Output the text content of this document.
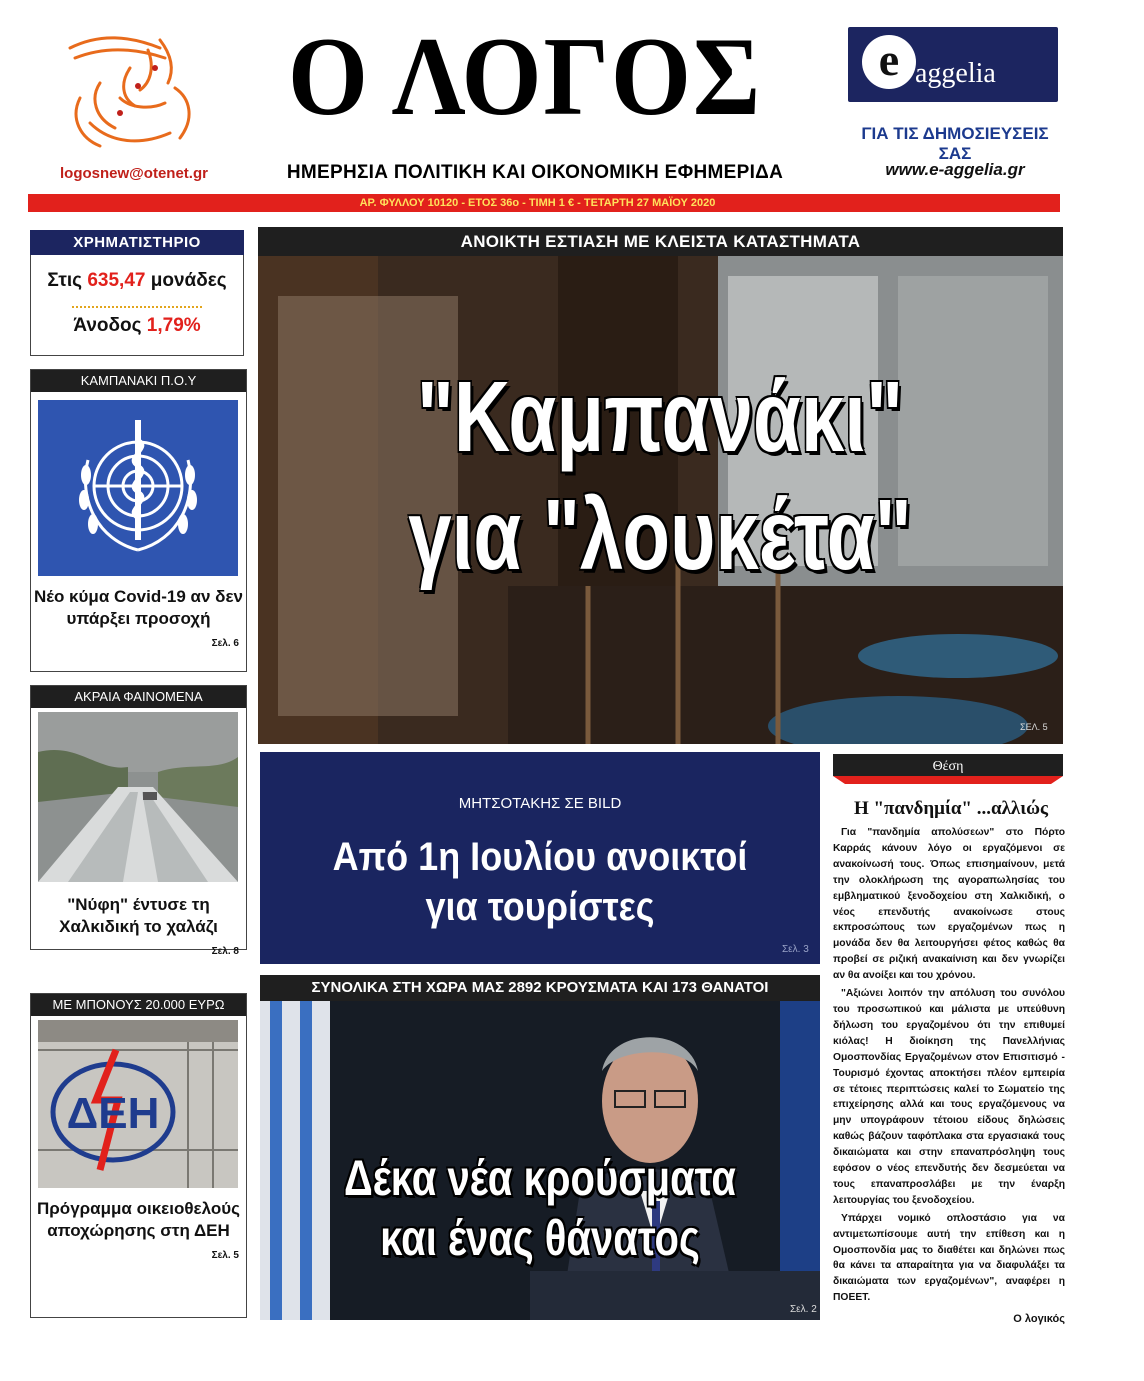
logosnew@otenet.gr
Ο ΛΟΓΟΣ
ΗΜΕΡΗΣΙΑ ΠΟΛΙΤΙΚΗ ΚΑΙ ΟΙΚΟΝΟΜΙΚΗ ΕΦΗΜΕΡΙΔΑ
e aggelia
ΓΙΑ ΤΙΣ ΔΗΜΟΣΙΕΥΣΕΙΣ ΣΑΣ
www.e-aggelia.gr
ΑΡ. ΦΥΛΛΟΥ 10120 - ΕΤΟΣ 36ο - ΤΙΜΗ 1 € - ΤΕΤΑΡΤΗ 27 ΜΑΪΟΥ 2020
ΧΡΗΜΑΤΙΣΤΗΡΙΟ
Στις 635,47 μονάδες
Άνοδος 1,79%
ΚΑΜΠΑΝΑΚΙ Π.Ο.Υ
Νέο κύμα Covid-19 αν δεν υπάρξει προσοχή
Σελ. 6
ΑΚΡΑΙΑ ΦΑΙΝΟΜΕΝΑ
"Νύφη" έντυσε τη Χαλκιδική το χαλάζι
Σελ. 8
ΜΕ ΜΠΟΝΟΥΣ 20.000 ΕΥΡΩ
ΔΕΗ
Πρόγραμμα οικειοθελούς αποχώρησης στη ΔΕΗ
Σελ. 5
ΑΝΟΙΚΤΗ ΕΣΤΙΑΣΗ ΜΕ ΚΛΕΙΣΤΑ ΚΑΤΑΣΤΗΜΑΤΑ
"Καμπανάκι"
για "λουκέτα"
ΣΕΛ. 5
ΜΗΤΣΟΤΑΚΗΣ ΣΕ BILD
Από 1η Ιουλίου ανοικτοί
για τουρίστες
Σελ. 3
ΣΥΝΟΛΙΚΑ ΣΤΗ ΧΩΡΑ ΜΑΣ 2892 ΚΡΟΥΣΜΑΤΑ ΚΑΙ 173 ΘΑΝΑΤΟΙ
Δέκα νέα κρούσματα
και ένας θάνατος
Σελ. 2
Θέση
Η "πανδημία" ...αλλιώς

Για "πανδημία απολύσεων" στο Πόρτο Καρράς κάνουν λόγο οι εργαζόμενοι σε ανακοίνωσή τους. Όπως επισημαίνουν, μετά την ολοκλήρωση της αγοραπωλησίας του εμβληματικού ξενοδοχείου στη Χαλκιδική, ο νέος επενδυτής ανακοίνωσε στους εκπροσώπους των εργαζομένων πως η μονάδα δεν θα λειτουργήσει φέτος καθώς θα προβεί σε ριζική ανακαίνιση και δεν γνωρίζει αν θα ανοίξει και του χρόνου.

"Αξιώνει λοιπόν την απόλυση του συνόλου του προσωπικού και μάλιστα με υπεύθυνη δήλωση του εργαζομένου ότι την επιθυμεί κιόλας! Η διοίκηση της Πανελλήνιας Ομοσπονδίας Εργαζομένων στον Επισιτισμό - Τουρισμό έχοντας αποκτήσει πλέον εμπειρία σε τέτοιες περιπτώσεις καλεί το Σωματείο της επιχείρησης αλλά και τους εργαζόμενους να μην υπογράφουν τέτοιου είδους δηλώσεις καθώς βάζουν ταφόπλακα στα εργασιακά τους δικαιώματα και στην επαναπρόσληψη τους εφόσον ο νέος επενδυτής δεν δεσμεύεται να τους επαναπροσλάβει με την έναρξη λειτουργίας του ξενοδοχείου.

Υπάρχει νομικό οπλοστάσιο για να αντιμετωπίσουμε αυτή την επίθεση και η Ομοσπονδία μας το διαθέτει και δηλώνει πως θα κάνει τα απαραίτητα για να διαφυλάξει τα δικαιώματα των εργαζομένων", αναφέρει η ΠΟΕΕΤ.

Ο λογικός
